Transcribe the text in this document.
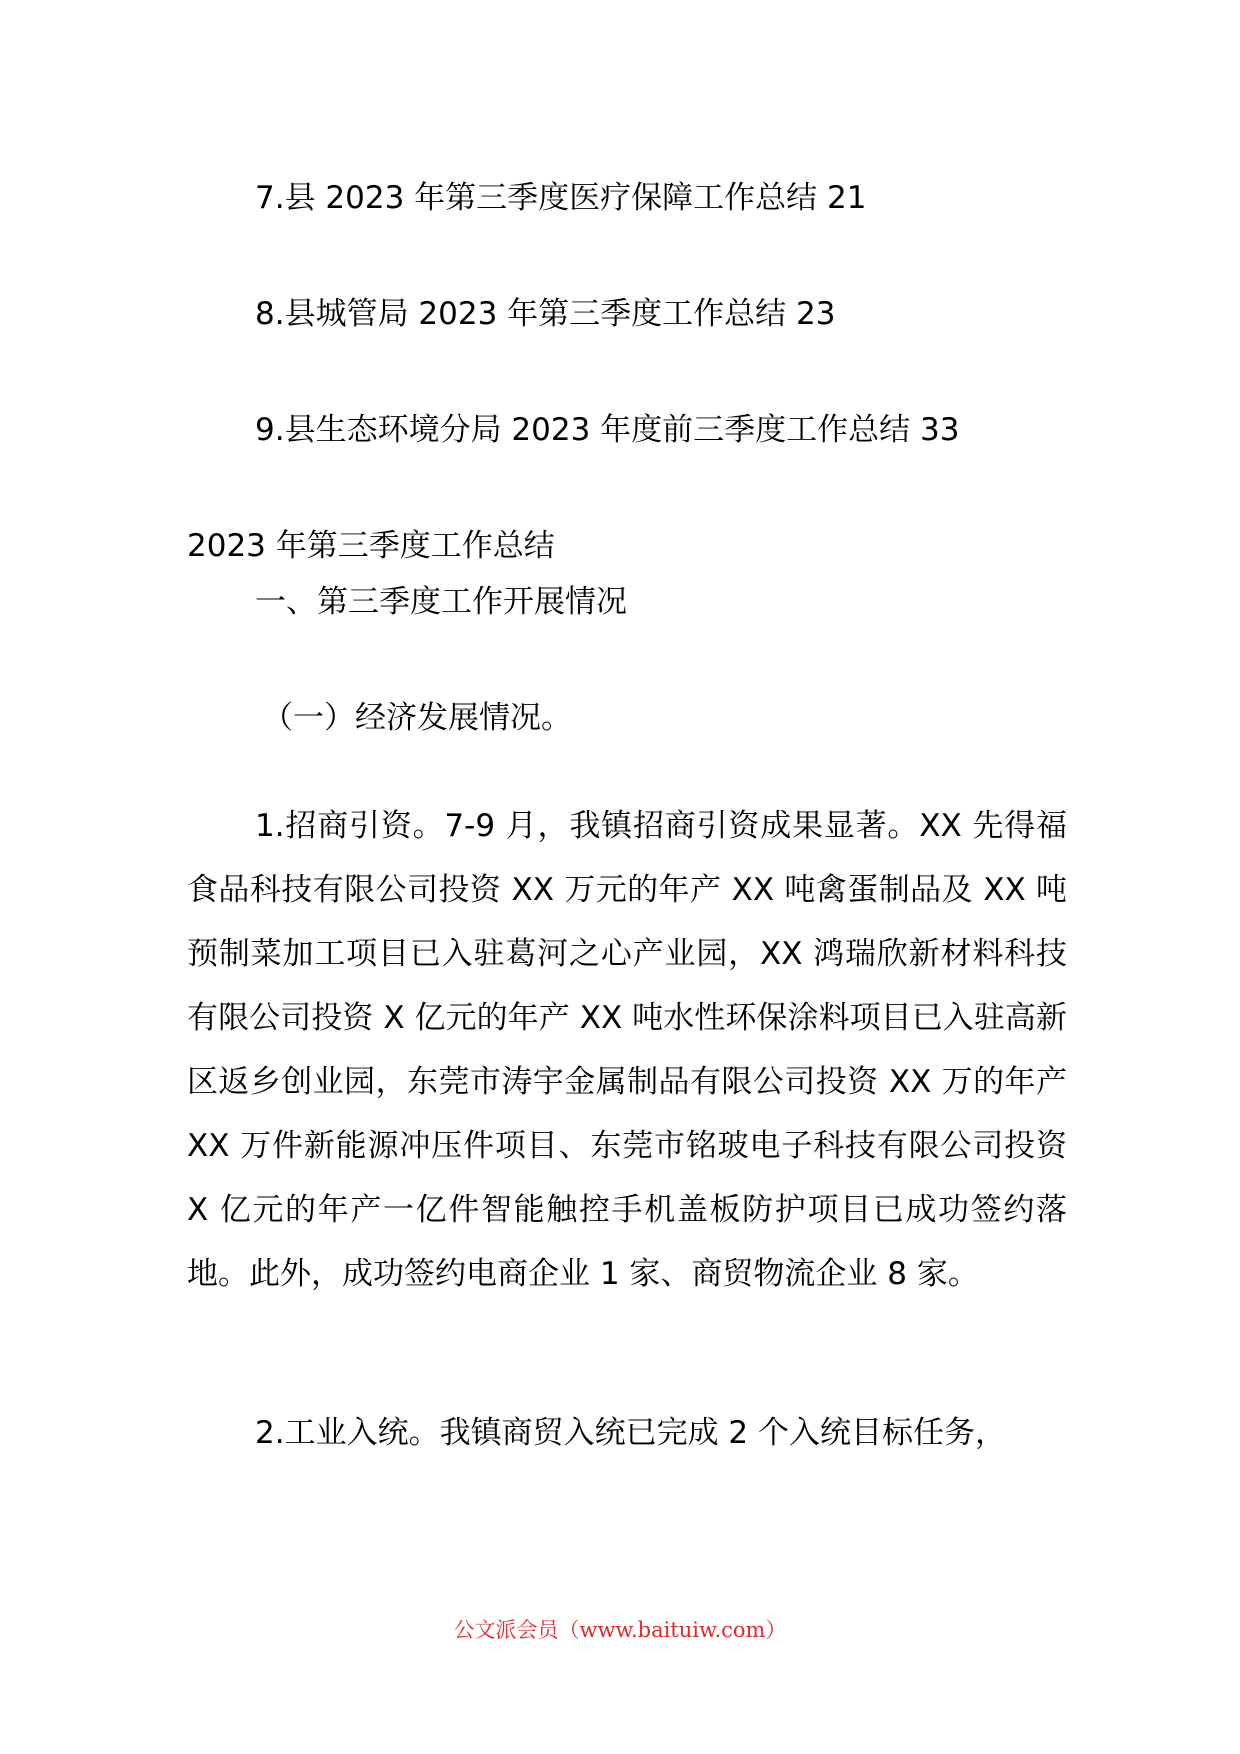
7.县 2023 年第三季度医疗保障工作总结 21

8.县城管局 2023 年第三季度工作总结 23

9.县生态环境分局 2023 年度前三季度工作总结 33

2023 年第三季度工作总结

一、第三季度工作开展情况

（一）经济发展情况。

1.招商引资。7-9 月，我镇招商引资成果显著。XX 先得福食品科技有限公司投资 XX 万元的年产 XX 吨禽蛋制品及 XX 吨预制菜加工项目已入驻葛河之心产业园，XX 鸿瑞欣新材料科技有限公司投资 X 亿元的年产 XX 吨水性环保涂料项目已入驻高新区返乡创业园，东莞市涛宇金属制品有限公司投资 XX 万的年产 XX 万件新能源冲压件项目、东莞市铭玻电子科技有限公司投资 X 亿元的年产一亿件智能触控手机盖板防护项目已成功签约落地。此外，成功签约电商企业 1 家、商贸物流企业 8 家。

2.工业入统。我镇商贸入统已完成 2 个入统目标任务，

公文派会员（www.baituiw.com）
